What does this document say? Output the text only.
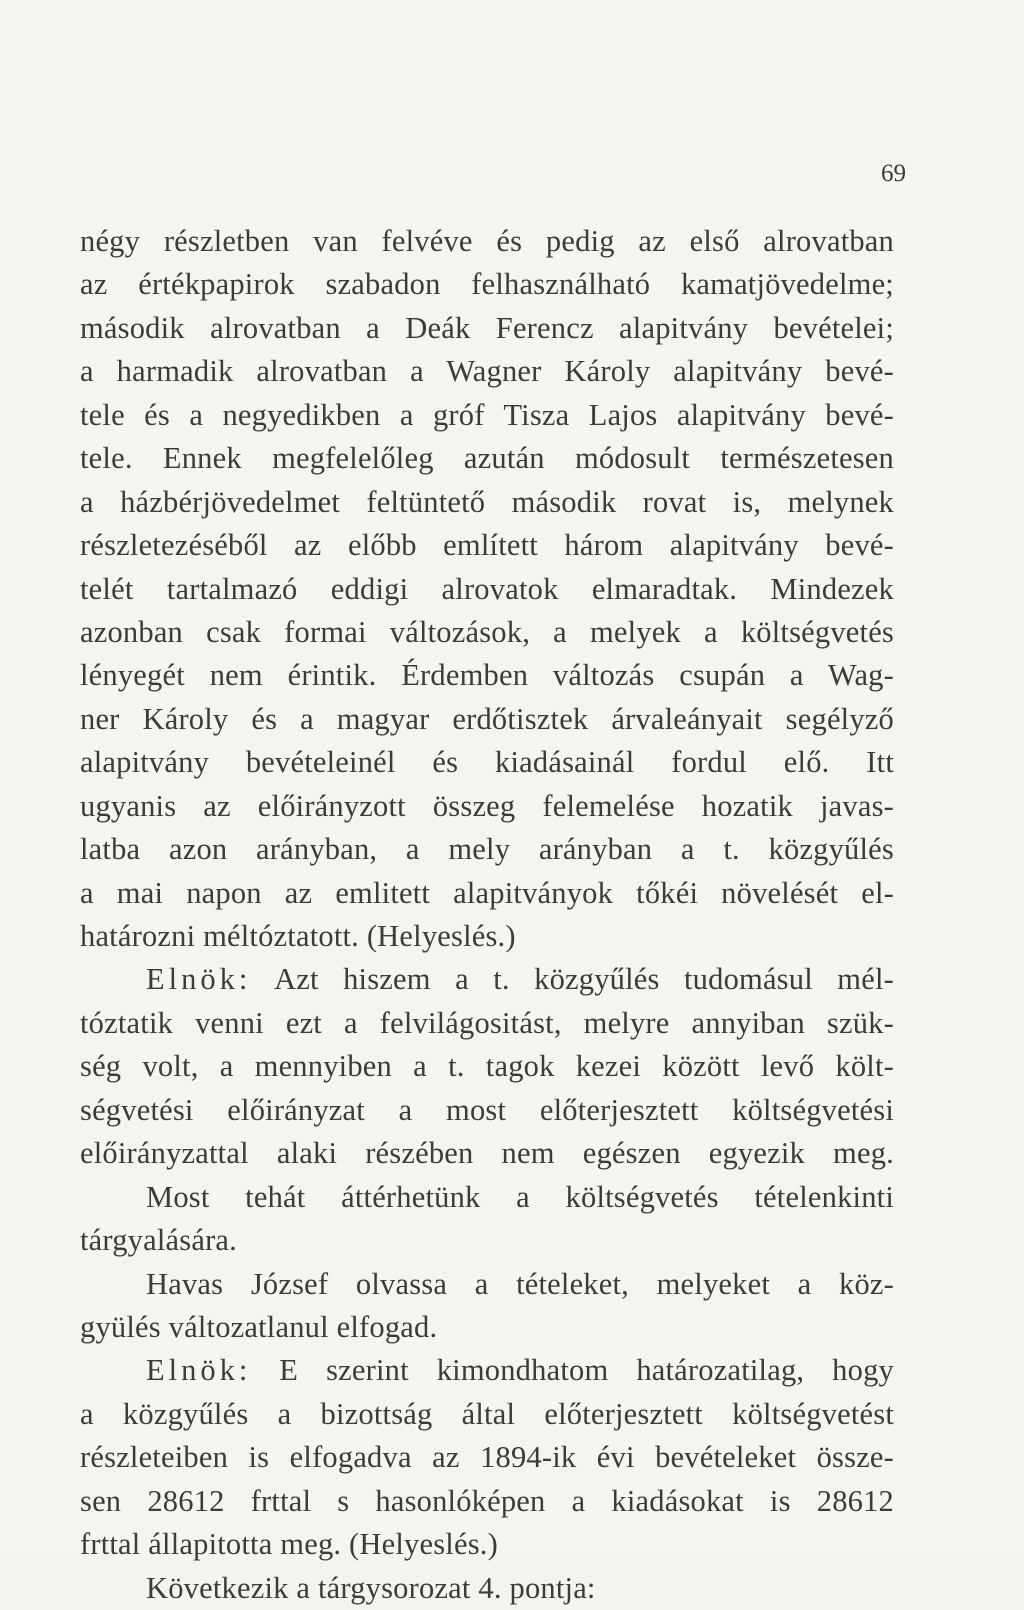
69
négy részletben van felvéve és pedig az első alrovatban
az értékpapirok szabadon felhasználható kamatjövedelme;
második alrovatban a Deák Ferencz alapitvány bevételei;
a harmadik alrovatban a Wagner Károly alapitvány bevé-
tele és a negyedikben a gróf Tisza Lajos alapitvány bevé-
tele. Ennek megfelelőleg azután módosult természetesen
a házbérjövedelmet feltüntető második rovat is, melynek
részletezéséből az előbb említett három alapitvány bevé-
telét tartalmazó eddigi alrovatok elmaradtak. Mindezek
azonban csak formai változások, a melyek a költségvetés
lényegét nem érintik. Érdemben változás csupán a Wag-
ner Károly és a magyar erdőtisztek árvaleányait segélyző
alapitvány bevételeinél és kiadásainál fordul elő. Itt
ugyanis az előirányzott összeg felemelése hozatik javas-
latba azon arányban, a mely arányban a t. közgyűlés
a mai napon az emlitett alapitványok tőkéi növelését el-
határozni méltóztatott. (Helyeslés.)
Elnök: Azt hiszem a t. közgyűlés tudomásul mél-
tóztatik venni ezt a felvilágositást, melyre annyiban szük-
ség volt, a mennyiben a t. tagok kezei között levő költ-
ségvetési előirányzat a most előterjesztett költségvetési
előirányzattal alaki részében nem egészen egyezik meg.
Most tehát áttérhetünk a költségvetés tételenkinti
tárgyalására.
Havas József olvassa a tételeket, melyeket a köz-
gyülés változatlanul elfogad.
Elnök: E szerint kimondhatom határozatilag, hogy
a közgyűlés a bizottság által előterjesztett költségvetést
részleteiben is elfogadva az 1894-ik évi bevételeket össze-
sen 28612 frttal s hasonlóképen a kiadásokat is 28612
frttal állapitotta meg. (Helyeslés.)
Következik a tárgysorozat 4. pontja:
